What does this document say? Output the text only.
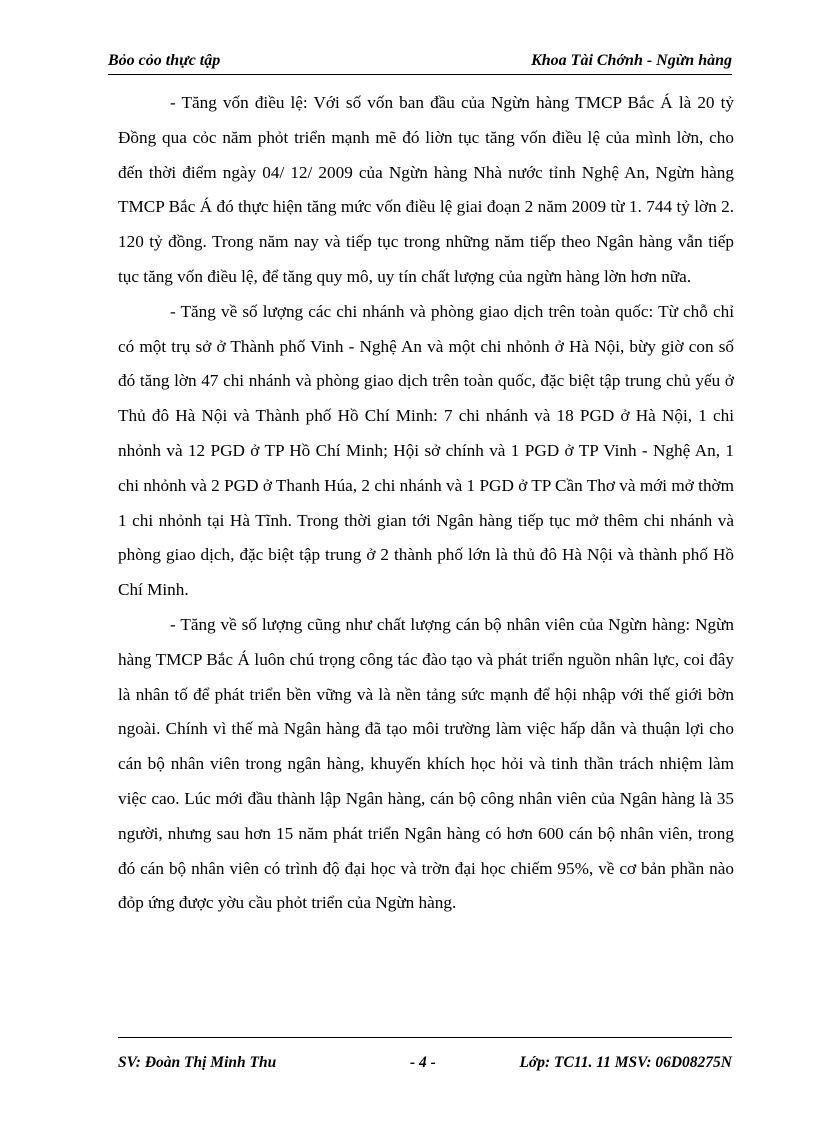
Bỏo cỏo thực tập	Khoa Tài Chớnh - Ngừn hàng

- Tăng vốn điều lệ: Với số vốn ban đầu của Ngừn hàng TMCP Bắc Á là 20 tỷ Đồng qua cỏc năm phỏt triển mạnh mẽ đó liờn tục tăng vốn điều lệ của mình lờn, cho đến thời điểm ngày 04/ 12/ 2009 của Ngừn hàng Nhà nước tỉnh Nghệ An, Ngừn hàng TMCP Bắc Á đó thực hiện tăng mức vốn điều lệ giai đoạn 2 năm 2009 từ 1. 744 tỷ lờn 2. 120 tỷ đồng. Trong năm nay và tiếp tục trong những năm tiếp theo Ngân hàng vẫn tiếp tục tăng vốn điều lệ, để tăng quy mô, uy tín chất lượng của ngừn hàng lờn hơn nữa.

- Tăng về số lượng các chi nhánh và phòng giao dịch trên toàn quốc: Từ chỗ chỉ có một trụ sở ở Thành phố Vinh - Nghệ An và một chi nhỏnh ở Hà Nội, bừy giờ con số đó tăng lờn 47 chi nhánh và phòng giao dịch trên toàn quốc, đặc biệt tập trung chủ yếu ở Thủ đô Hà Nội và Thành phố Hồ Chí Minh: 7 chi nhánh và 18 PGD ở Hà Nội, 1 chi nhỏnh và 12 PGD ở TP Hồ Chí Minh; Hội sở chính và 1 PGD ở TP Vinh - Nghệ An, 1 chi nhỏnh và 2 PGD ở Thanh Húa, 2 chi nhánh và 1 PGD ở TP Cần Thơ và mới mở thờm 1 chi nhỏnh tại Hà Tĩnh. Trong thời gian tới Ngân hàng tiếp tục mở thêm chi nhánh và phòng giao dịch, đặc biệt tập trung ở 2 thành phố lớn là thủ đô Hà Nội và thành phố Hồ Chí Minh.

- Tăng về số lượng cũng như chất lượng cán bộ nhân viên của Ngừn hàng: Ngừn hàng TMCP Bắc Á luôn chú trọng công tác đào tạo và phát triển nguồn nhân lực, coi đây là nhân tố để phát triển bền vững và là nền tảng sức mạnh để hội nhập với thế giới bờn ngoài. Chính vì thế mà Ngân hàng đã tạo môi trường làm việc hấp dẫn và thuận lợi cho cán bộ nhân viên trong ngân hàng, khuyến khích học hỏi và tinh thần trách nhiệm làm việc cao. Lúc mới đầu thành lập Ngân hàng, cán bộ công nhân viên của Ngân hàng là 35 người, nhưng sau hơn 15 năm phát triển Ngân hàng có hơn 600 cán bộ nhân viên, trong đó cán bộ nhân viên có trình độ đại học và trờn đại học chiếm 95%, về cơ bản phần nào đỏp ứng được yờu cầu phỏt triển của Ngừn hàng.

SV: Đoàn Thị Minh Thu	- 4 -	Lớp: TC11. 11 MSV: 06D08275N
